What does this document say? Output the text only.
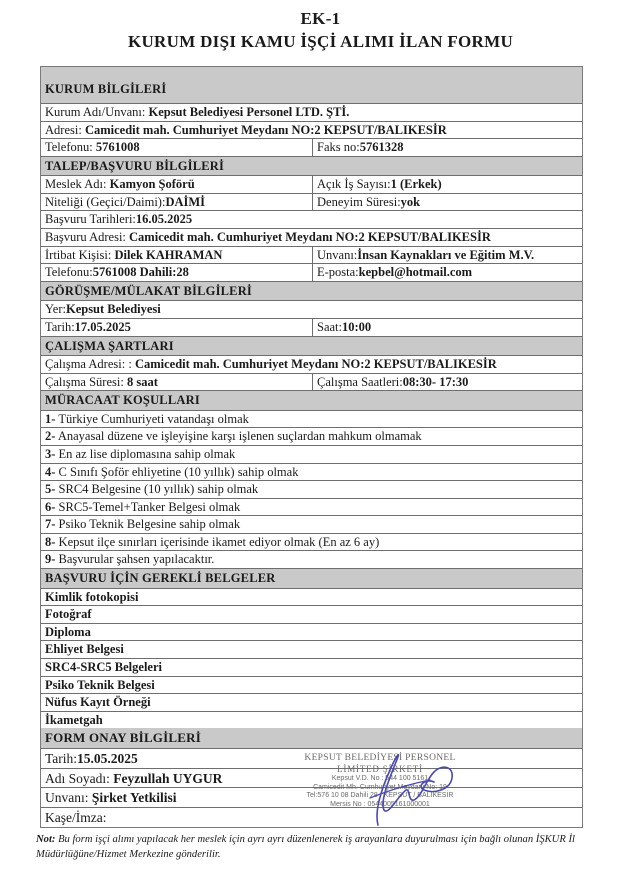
EK-1
KURUM DIŞI KAMU İŞÇİ ALIMI İLAN FORMU
KURUM BİLGİLERİ
Kurum Adı/Unvanı: Kepsut Belediyesi Personel LTD. ŞTİ.
Adresi: Camicedit mah. Cumhuriyet Meydanı NO:2 KEPSUT/BALIKESİR
Telefonu: 5761008	Faks no:5761328
TALEP/BAŞVURU BİLGİLERİ
Meslek Adı: Kamyon Şoförü	Açık İş Sayısı:1 (Erkek)
Niteliği (Geçici/Daimi):DAİMİ	Deneyim Süresi:yok
Başvuru Tarihleri:16.05.2025
Başvuru Adresi: Camicedit mah. Cumhuriyet Meydanı NO:2 KEPSUT/BALIKESİR
İrtibat Kişisi: Dilek KAHRAMAN	Unvanı:İnsan Kaynakları ve Eğitim M.V.
Telefonu:5761008 Dahili:28	E-posta:kepbel@hotmail.com
GÖRÜŞME/MÜLAKAT BİLGİLERİ
Yer:Kepsut Belediyesi
Tarih:17.05.2025	Saat:10:00
ÇALIŞMA ŞARTLARI
Çalışma Adresi: : Camicedit mah. Cumhuriyet Meydanı NO:2 KEPSUT/BALIKESİR
Çalışma Süresi: 8 saat	Çalışma Saatleri:08:30- 17:30
MÜRACAAT KOŞULLARI
1- Türkiye Cumhuriyeti vatandaşı olmak
2- Anayasal düzene ve işleyişine karşı işlenen suçlardan mahkum olmamak
3- En az lise diplomasına sahip olmak
4- C Sınıfı Şoför ehliyetine (10 yıllık) sahip olmak
5- SRC4 Belgesine (10 yıllık) sahip olmak
6- SRC5-Temel+Tanker Belgesi olmak
7- Psiko Teknik Belgesine sahip olmak
8- Kepsut ilçe sınırları içerisinde ikamet ediyor olmak (En az 6 ay)
9- Başvurular şahsen yapılacaktır.
BAŞVURU İÇİN GEREKLİ BELGELER
Kimlik fotokopisi
Fotoğraf
Diploma
Ehliyet Belgesi
SRC4-SRC5 Belgeleri
Psiko Teknik Belgesi
Nüfus Kayıt Örneği
İkametgah
FORM ONAY BİLGİLERİ
Tarih:15.05.2025
Adı Soyadı: Feyzullah UYGUR
Unvanı: Şirket Yetkilisi
Kaşe/İmza:
KEPSUT BELEDİYESİ PERSONEL
LİMİTED ŞİRKETİ
Kepsut V.D. No : 544 100 5161
Camicedit Mh. Cumhuriyet Meydanı No: 19
Tel:576 10 08 Dahili 28 / KEPSUT / BALIKESİR
Mersis No : 0544005161000001
Not: Bu form işçi alımı yapılacak her meslek için ayrı ayrı düzenlenerek iş arayanlara duyurulması için bağlı olunan İŞKUR İl Müdürlüğüne/Hizmet Merkezine gönderilir.
